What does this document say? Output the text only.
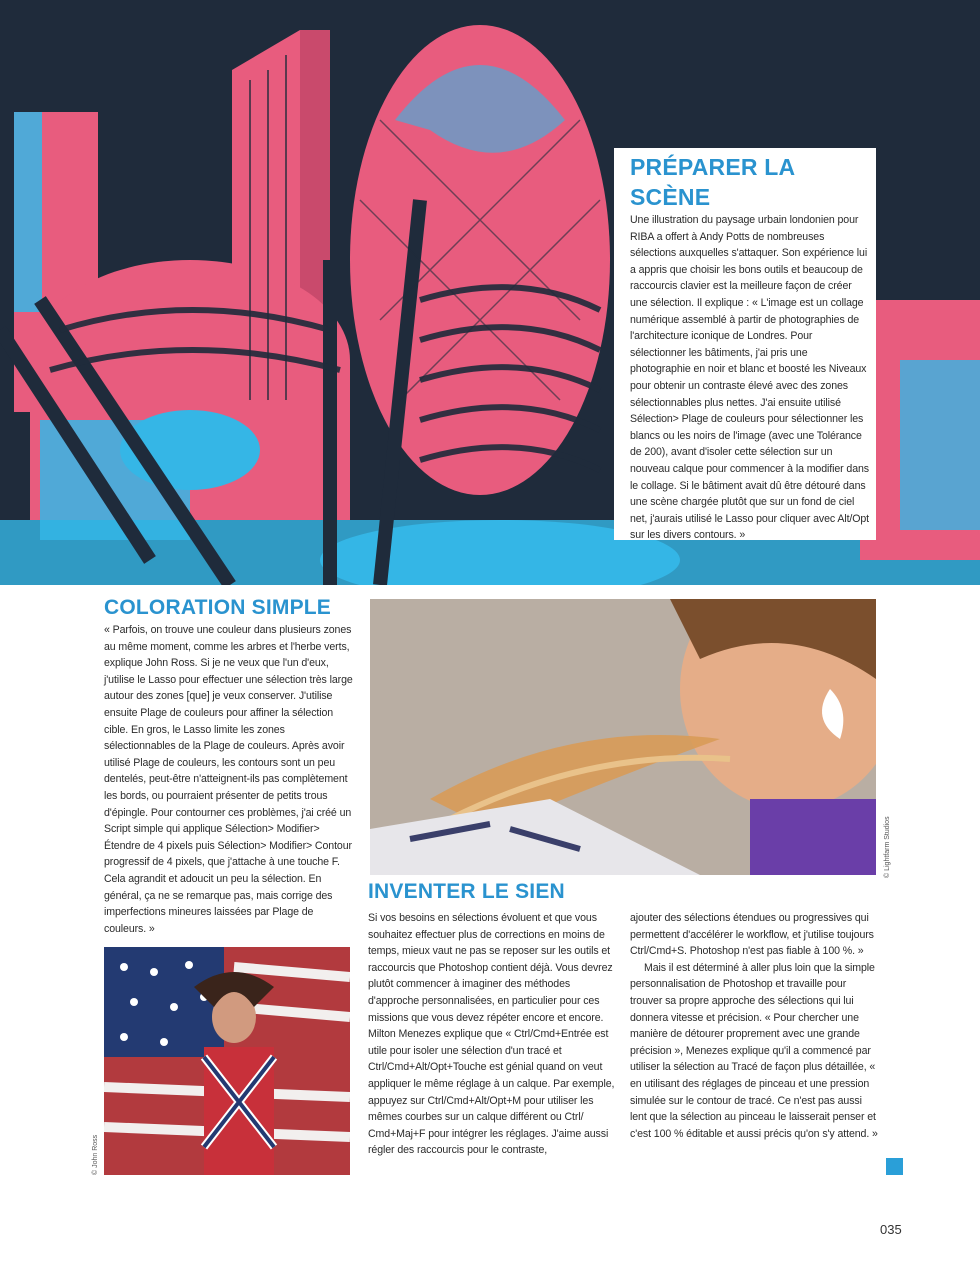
PRÉPARER LA SCÈNE

Une illustration du paysage urbain londonien pour RIBA a offert à Andy Potts de nombreuses sélections auxquelles s'attaquer. Son expérience lui a appris que choisir les bons outils et beaucoup de raccourcis clavier est la meilleure façon de créer une sélection. Il explique : « L'image est un collage numérique assemblé à partir de photographies de l'architecture iconique de Londres. Pour sélectionner les bâtiments, j'ai pris une photographie en noir et blanc et boosté les Niveaux pour obtenir un contraste élevé avec des zones sélectionnables plus nettes. J'ai ensuite utilisé Sélection> Plage de couleurs pour sélectionner les blancs ou les noirs de l'image (avec une Tolérance de 200), avant d'isoler cette sélection sur un nouveau calque pour commencer à la modifier dans le collage. Si le bâtiment avait dû être détouré dans une scène chargée plutôt que sur un fond de ciel net, j'aurais utilisé le Lasso pour cliquer avec Alt/Opt sur les divers contours. »

COLORATION SIMPLE

« Parfois, on trouve une couleur dans plusieurs zones au même moment, comme les arbres et l'herbe verts, explique John Ross. Si je ne veux que l'un d'eux, j'utilise le Lasso pour effectuer une sélection très large autour des zones [que] je veux conserver. J'utilise ensuite Plage de couleurs pour affiner la sélection cible. En gros, le Lasso limite les zones sélectionnables de la Plage de couleurs. Après avoir utilisé Plage de couleurs, les contours sont un peu dentelés, peut-être n'atteignent-ils pas complètement les bords, ou pourraient présenter de petits trous d'épingle. Pour contourner ces problèmes, j'ai créé un Script simple qui applique Sélection> Modifier> Étendre de 4 pixels puis Sélection> Modifier> Contour progressif de 4 pixels, que j'attache à une touche F. Cela agrandit et adoucit un peu la sélection. En général, ça ne se remarque pas, mais corrige des imperfections mineures laissées par Plage de couleurs. »

© Lightfarm Studios
INVENTER LE SIEN

Si vos besoins en sélections évoluent et que vous souhaitez effectuer plus de corrections en moins de temps, mieux vaut ne pas se reposer sur les outils et raccourcis que Photoshop contient déjà. Vous devrez plutôt commencer à imaginer des méthodes d'approche personnalisées, en particulier pour ces missions que vous devez répéter encore et encore. Milton Menezes explique que « Ctrl/Cmd+Entrée est utile pour isoler une sélection d'un tracé et Ctrl/Cmd+Alt/Opt+Touche est génial quand on veut appliquer le même réglage à un calque. Par exemple, appuyez sur Ctrl/Cmd+Alt/Opt+M pour utiliser les mêmes courbes sur un calque différent ou Ctrl/ Cmd+Maj+F pour intégrer les réglages. J'aime aussi régler des raccourcis pour le contraste,

ajouter des sélections étendues ou progressives qui permettent d'accélérer le workflow, et j'utilise toujours Ctrl/Cmd+S. Photoshop n'est pas fiable à 100 %. »

Mais il est déterminé à aller plus loin que la simple personnalisation de Photoshop et travaille pour trouver sa propre approche des sélections qui lui donnera vitesse et précision. « Pour chercher une manière de détourer proprement avec une grande précision », Menezes explique qu'il a commencé par utiliser la sélection au Tracé de façon plus détaillée, « en utilisant des réglages de pinceau et une pression simulée sur le contour de tracé. Ce n'est pas aussi lent que la sélection au pinceau le laisserait penser et c'est 100 % éditable et aussi précis qu'on s'y attend. »

© John Ross
035
